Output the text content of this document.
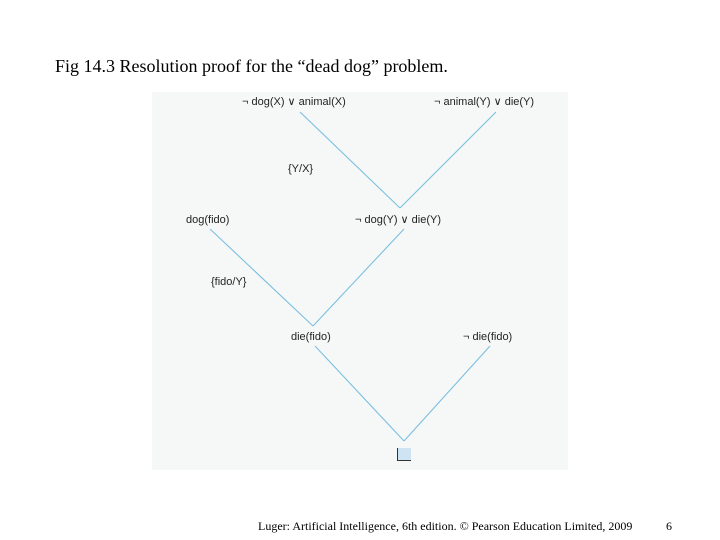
Fig 14.3 Resolution proof for the “dead dog” problem.
¬ dog(X) ∨ animal(X)	¬ animal(Y) ∨ die(Y)
{Y/X}
dog(fido)	¬ dog(Y) ∨ die(Y)
{fido/Y}
die(fido)	¬ die(fido)
Luger: Artificial Intelligence, 6th edition. © Pearson Education Limited, 2009	6
